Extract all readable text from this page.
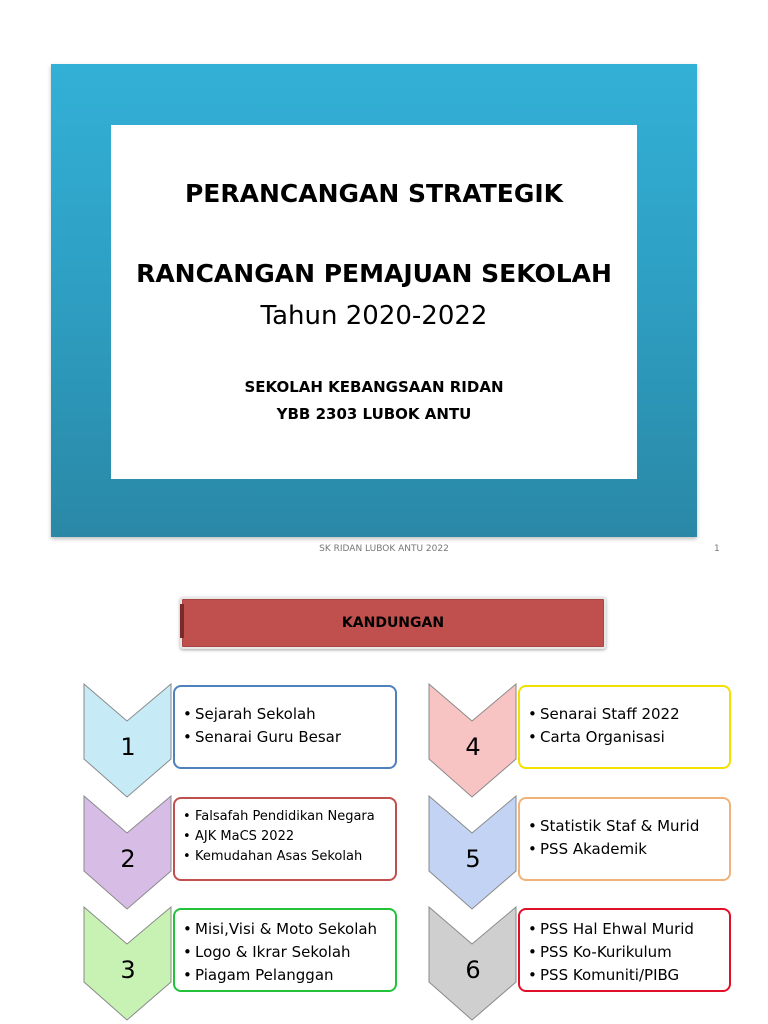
PERANCANGAN STRATEGIK
RANCANGAN PEMAJUAN SEKOLAH
Tahun 2020-2022
SEKOLAH KEBANGSAAN RIDAN
YBB 2303 LUBOK ANTU
SK RIDAN LUBOK ANTU 2022	1
KANDUNGAN
1
• Sejarah Sekolah
• Senarai Guru Besar
2
• Falsafah Pendidikan Negara
• AJK MaCS 2022
• Kemudahan Asas Sekolah
3
• Misi,Visi & Moto Sekolah
• Logo & Ikrar Sekolah
• Piagam Pelanggan
4
• Senarai Staff 2022
• Carta Organisasi
5
• Statistik Staf & Murid
• PSS Akademik
6
• PSS Hal Ehwal Murid
• PSS Ko-Kurikulum
• PSS Komuniti/PIBG
